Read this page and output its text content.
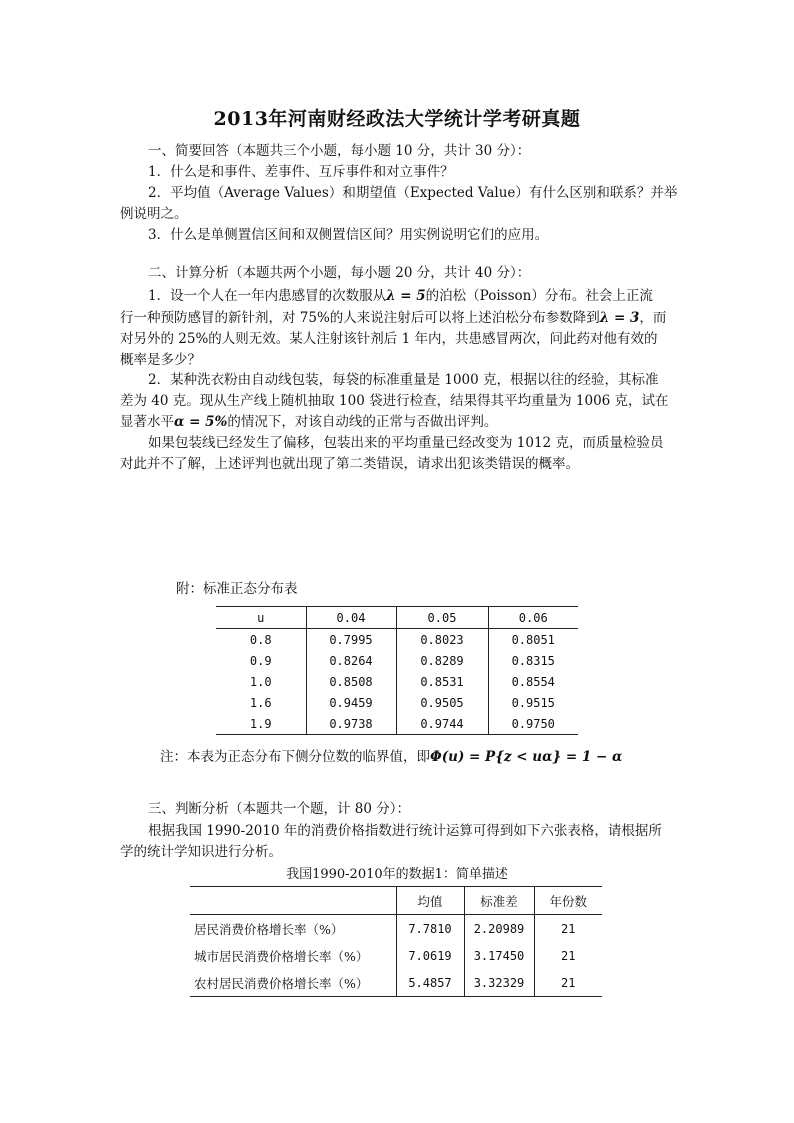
2013年河南财经政法大学统计学考研真题
一、简要回答（本题共三个小题，每小题 10 分，共计 30 分）：
1．什么是和事件、差事件、互斥事件和对立事件？
2．平均值（Average Values）和期望值（Expected Value）有什么区别和联系？并举
例说明之。
3．什么是单侧置信区间和双侧置信区间？用实例说明它们的应用。
二、计算分析（本题共两个小题，每小题 20 分，共计 40 分）：
1．设一个人在一年内患感冒的次数服从λ = 5的泊松（Poisson）分布。社会上正流
行一种预防感冒的新针剂，对 75%的人来说注射后可以将上述泊松分布参数降到λ = 3，而
对另外的 25%的人则无效。某人注射该针剂后 1 年内，共患感冒两次，问此药对他有效的
概率是多少？
2．某种洗衣粉由自动线包装，每袋的标准重量是 1000 克，根据以往的经验，其标准
差为 40 克。现从生产线上随机抽取 100 袋进行检查，结果得其平均重量为 1006 克，试在
显著水平α = 5%的情况下，对该自动线的正常与否做出评判。
如果包装线已经发生了偏移，包装出来的平均重量已经改变为 1012 克，而质量检验员
对此并不了解，上述评判也就出现了第二类错误，请求出犯该类错误的概率。
附：标准正态分布表
u	0.04	0.05	0.06
0.8	0.7995	0.8023	0.8051
0.9	0.8264	0.8289	0.8315
1.0	0.8508	0.8531	0.8554
1.6	0.9459	0.9505	0.9515
1.9	0.9738	0.9744	0.9750
注：本表为正态分布下侧分位数的临界值，即Φ(u) = P{z < uα} = 1 − α
三、判断分析（本题共一个题，计 80 分）：
根据我国 1990-2010 年的消费价格指数进行统计运算可得到如下六张表格，请根据所
学的统计学知识进行分析。
我国1990-2010年的数据1：简单描述
	均值	标准差	年份数
居民消费价格增长率（%）	7.7810	2.20989	21
城市居民消费价格增长率（%）	7.0619	3.17450	21
农村居民消费价格增长率（%）	5.4857	3.32329	21
